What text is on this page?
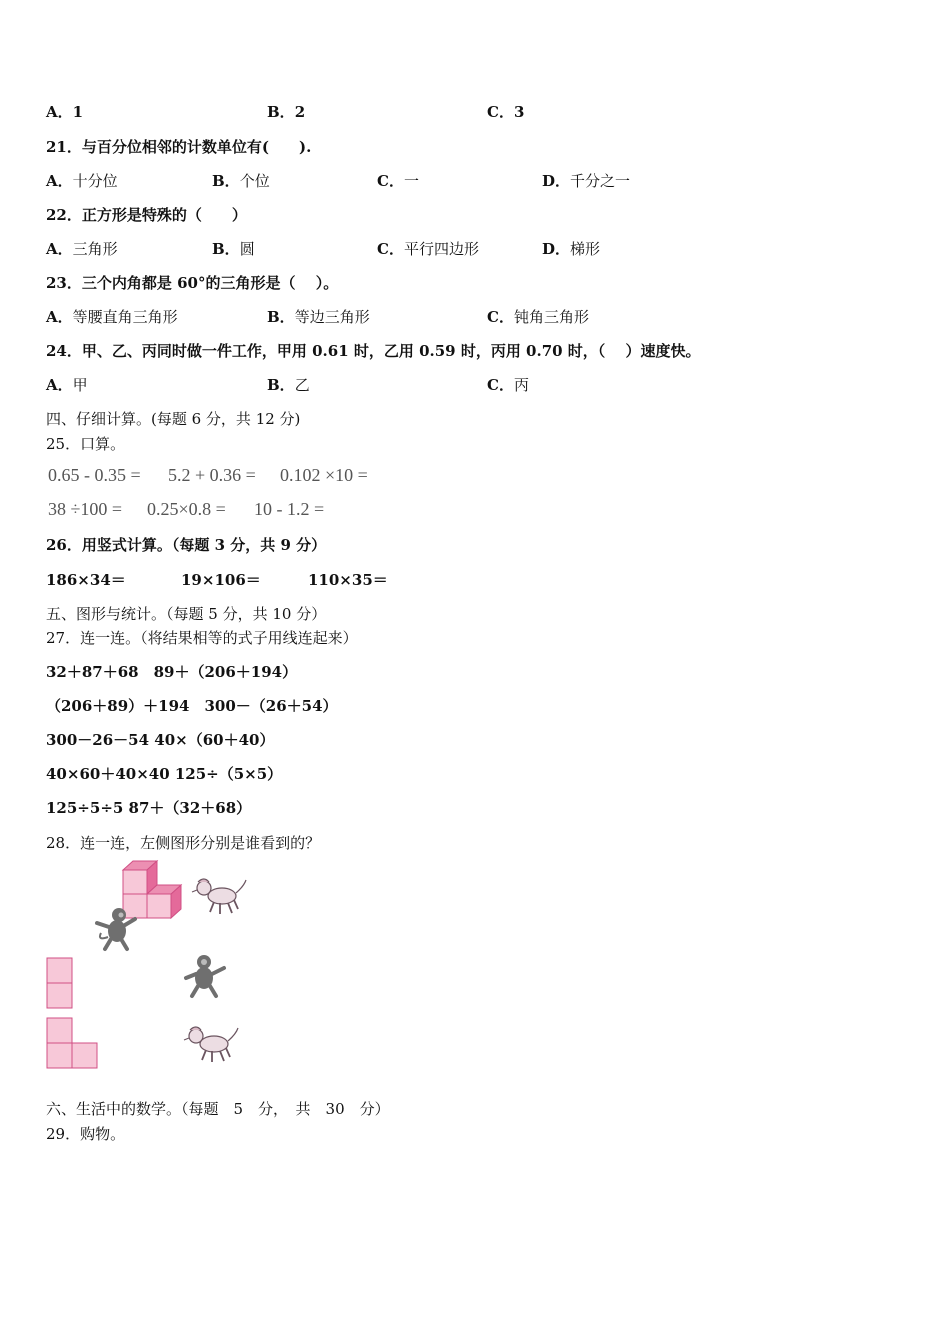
A．1	B．2	C．3
21．与百分位相邻的计数单位有(　　).
A．十分位	B．个位	C．一	D．千分之一
22．正方形是特殊的（　　）
A．三角形	B．圆	C．平行四边形	D．梯形
23．三个内角都是 60°的三角形是（　 ）。
A．等腰直角三角形	B．等边三角形	C．钝角三角形
24．甲、乙、丙同时做一件工作，甲用 0.61 时，乙用 0.59 时，丙用 0.70 时，（　 ）速度快。
A．甲	B．乙	C．丙
四、仔细计算。(每题 6 分，共 12 分)
25．口算。
0.65 - 0.35 = 5.2 + 0.36 = 0.102 ×10 =
38 ÷100 = 0.25×0.8 = 10 - 1.2 =
26．用竖式计算。（每题 3 分，共 9 分）
186×34＝	19×106＝	110×35＝
五、图形与统计。（每题 5 分，共 10 分）
27．连一连。（将结果相等的式子用线连起来）
32＋87＋68　89＋（206＋194）
（206＋89）＋194　300－（26＋54）
300－26－54 40×（60＋40）
40×60＋40×40 125÷（5×5）
125÷5÷5 87＋（32＋68）
28．连一连，左侧图形分别是谁看到的？
六、生活中的数学。（每题　5　分，　共　30　分）
29．购物。
